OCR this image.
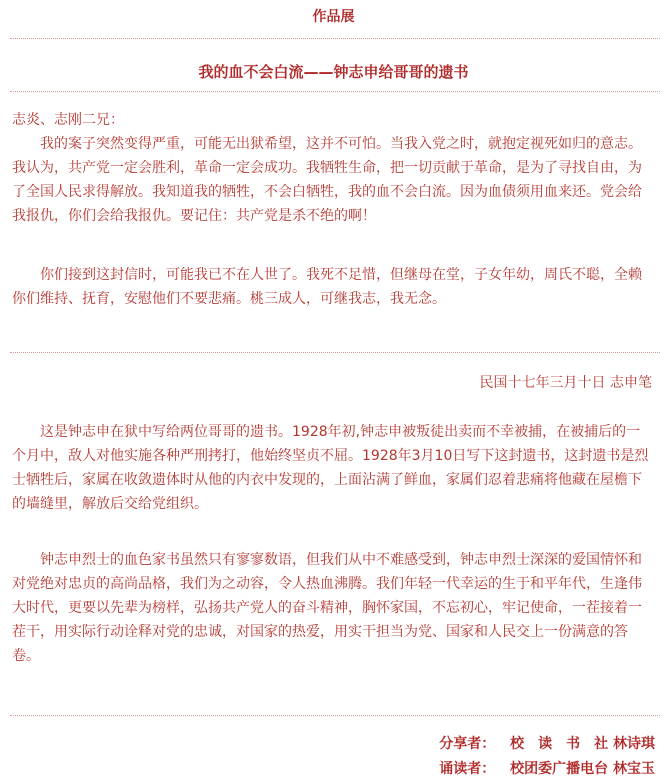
作品展
我的血不会白流——钟志申给哥哥的遗书

志炎、志刚二兄：

我的案子突然变得严重，可能无出狱希望，这并不可怕。当我入党之时，就抱定视死如归的意志。我认为，共产党一定会胜利，革命一定会成功。我牺牲生命，把一切贡献于革命，是为了寻找自由，为了全国人民求得解放。我知道我的牺牲，不会白牺牲，我的血不会白流。因为血债须用血来还。党会给我报仇，你们会给我报仇。要记住：共产党是杀不绝的啊！

你们接到这封信时，可能我已不在人世了。我死不足惜，但继母在堂，子女年幼，周氏不聪，全赖你们维持、抚育，安慰他们不要悲痛。桃三成人，可继我志，我无念。

民国十七年三月十日 志申笔

这是钟志申在狱中写给两位哥哥的遗书。1928年初,钟志申被叛徒出卖而不幸被捕，在被捕后的一个月中，敌人对他实施各种严刑拷打，他始终坚贞不屈。1928年3月10日写下这封遗书，这封遗书是烈士牺牲后，家属在收敛遗体时从他的内衣中发现的，上面沾满了鲜血，家属们忍着悲痛将他藏在屋檐下的墙缝里，解放后交给党组织。

钟志申烈士的血色家书虽然只有寥寥数语，但我们从中不难感受到，钟志申烈士深深的爱国情怀和对党绝对忠贞的高尚品格，我们为之动容，令人热血沸腾。我们年轻一代幸运的生于和平年代，生逢伟大时代，更要以先辈为榜样，弘扬共产党人的奋斗精神，胸怀家国，不忘初心，牢记使命，一茬接着一茬干，用实际行动诠释对党的忠诚，对国家的热爱，用实干担当为党、国家和人民交上一份满意的答卷。

分享者： 校　读　书　社 林诗琪
诵读者： 校团委广播电台 林宝玉
